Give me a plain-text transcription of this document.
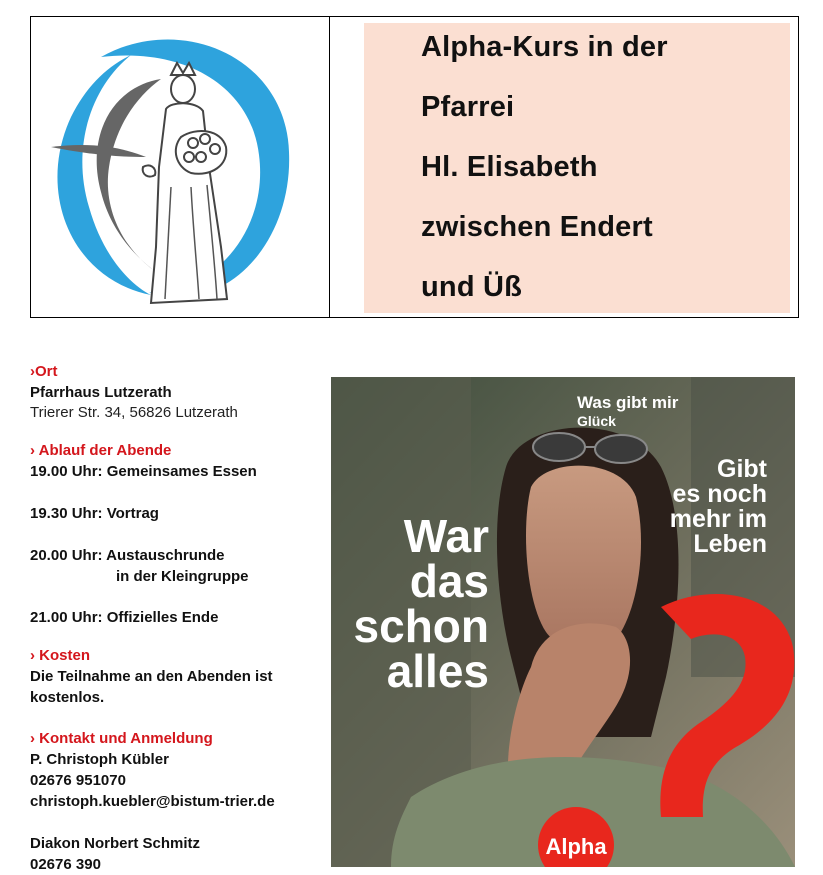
Alpha-Kurs in der
Pfarrei
Hl. Elisabeth
zwischen Endert
und Üß
›Ort
Pfarrhaus Lutzerath
Trierer Str. 34, 56826 Lutzerath
› Ablauf der Abende
19.00 Uhr: Gemeinsames Essen
19.30 Uhr: Vortrag
20.00 Uhr: Austauschrunde
in der Kleingruppe
21.00 Uhr: Offizielles Ende
› Kosten
Die Teilnahme an den Abenden ist
kostenlos.
› Kontakt und Anmeldung
P. Christoph Kübler
02676 951070
christoph.kuebler@bistum-trier.de
Diakon Norbert Schmitz
02676 390
Was gibt mir
Glück
Gibt
es noch
mehr im
Leben
War
das
schon
alles
Alpha
